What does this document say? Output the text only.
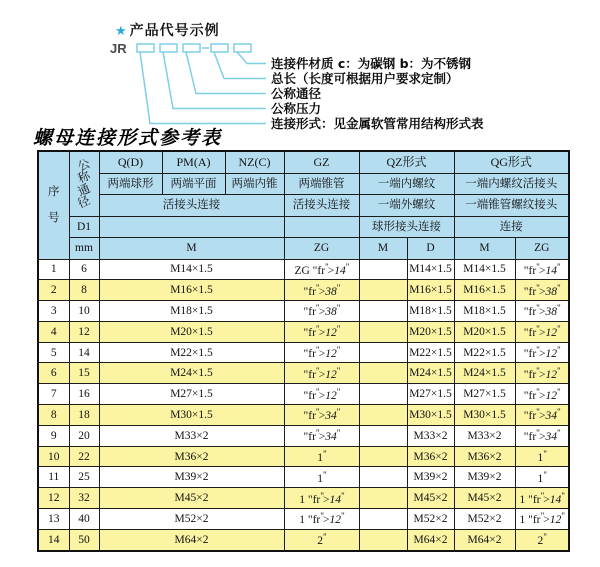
★ 产品代号示例
JR
连接件材质 c：为碳钢 b：为不锈钢
总长（长度可根据用户要求定制）
公称通径
公称压力
连接形式：见金属软管常用结构形式表
螺母连接形式参考表
序
号	公
称
通
径	Q(D)	PM(A)	NZ(C)	GZ	QZ形式		QG形式	
		两端球形	两端平面	两端内锥	两端锥管	一端内螺纹		一端内螺纹活接头	
		活接头连接			活接头连接	一端外螺纹		一端锥管螺纹接头	
	D1					球形接头连接		连接	
	mm	M			ZG	M	D	M	ZG
1	6	M14×1.5			ZG "fr">14"		M14×1.5	M14×1.5	"fr">14"
2	8	M16×1.5			"fr">38"		M16×1.5	M16×1.5	"fr">38"
3	10	M18×1.5			"fr">38"		M18×1.5	M18×1.5	"fr">38"
4	12	M20×1.5			"fr">12"		M20×1.5	M20×1.5	"fr">12"
5	14	M22×1.5			"fr">12"		M22×1.5	M22×1.5	"fr">12"
6	15	M24×1.5			"fr">12"		M24×1.5	M24×1.5	"fr">12"
7	16	M27×1.5			"fr">12"		M27×1.5	M27×1.5	"fr">12"
8	18	M30×1.5			"fr">34"		M30×1.5	M30×1.5	"fr">34"
9	20	M33×2			"fr">34"		M33×2	M33×2	"fr">34"
10	22	M36×2			1"		M36×2	M36×2	1"
11	25	M39×2			1"		M39×2	M39×2	1"
12	32	M45×2			1 "fr">14"		M45×2	M45×2	1 "fr">14"
13	40	M52×2			1 "fr">12"		M52×2	M52×2	1 "fr">12"
14	50	M64×2			2"		M64×2	M64×2	2"
